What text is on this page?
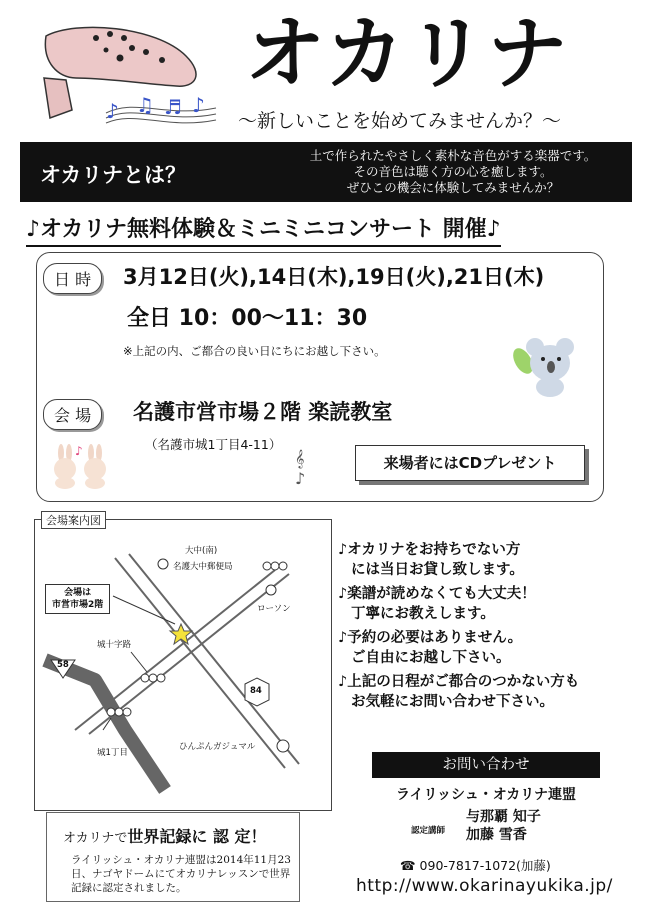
♪ ♫ ♬ ♪
オカリナ
～新しいことを始めてみませんか？～
オカリナとは？
土で作られたやさしく素朴な音色がする楽器です。
その音色は聴く方の心を癒します。
ぜひこの機会に体験してみませんか？
♪オカリナ無料体験＆ミニミニコンサート 開催♪
日 時	3月12日(火),14日(木),19日(火),21日(木)
全日 10：00～11：30
※上記の内、ご都合の良い日にちにお越し下さい。
会 場	名護市営市場２階 楽読教室
（名護市城1丁目4-11）
来場者にはCDプレゼント
♪	𝄞
♪
会場案内図
大中(南)
名護大中郵便局
ローソン
城十字路
城1丁目
ひんぷんガジュマル
58
84
会場は
市営市場2階
♪オカリナをお持ちでない方
には当日お貸し致します。
♪楽譜が読めなくても大丈夫！
丁寧にお教えします。
♪予約の必要はありません。
ご自由にお越し下さい。
♪上記の日程がご都合のつかない方も
お気軽にお問い合わせ下さい。
お問い合わせ
ライリッシュ・オカリナ連盟
認定講師
与那覇 知子
加藤 雪香
☎ 090-7817-1072(加藤)
http://www.okarinayukika.jp/
オカリナで世界記録に 認 定！
ライリッシュ・オカリナ連盟は2014年11月23日、ナゴヤドームにてオカリナレッスンで世界記録に認定されました。
